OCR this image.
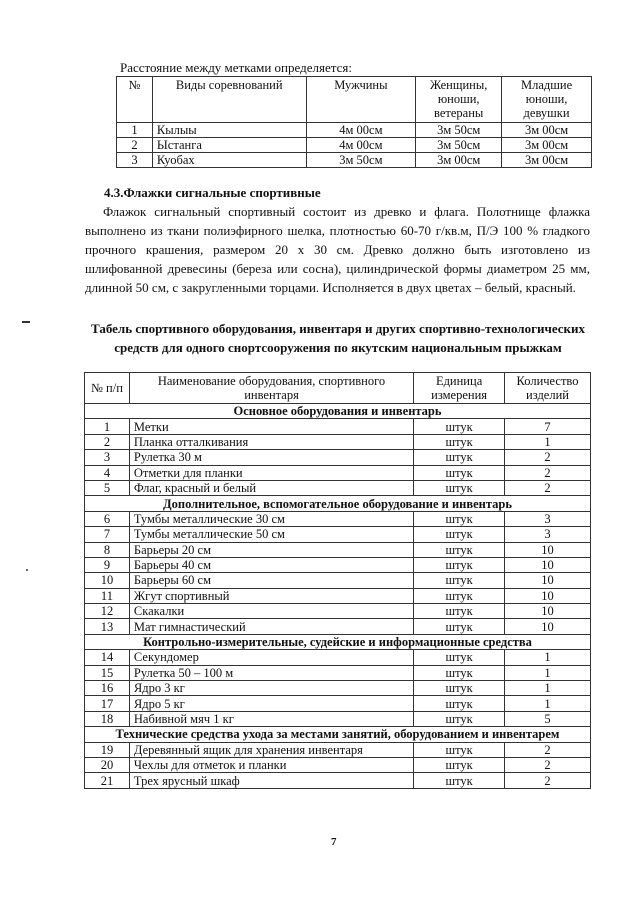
Расстояние между метками определяется:
№	Виды соревнований	Мужчины	Женщины, юноши, ветераны	Младшие юноши, девушки
1	Кылыы	4м 00см	3м 50см	3м 00см
2	Ыстанга	4м 00см	3м 50см	3м 00см
3	Куобах	3м 50см	3м 00см	3м 00см
4.3.Флажки сигнальные спортивные
Флажок сигнальный спортивный состоит из древко и флага. Полотнище флажка выполнено из ткани полиэфирного шелка, плотностью 60-70 г/кв.м, П/Э 100 % гладкого прочного крашения, размером 20 х 30 см. Древко должно быть изготовлено из шлифованной древесины (береза или сосна), цилиндрической формы диаметром 25 мм, длинной 50 см, с закругленными торцами. Исполняется в двух цветах – белый, красный.
Табель спортивного оборудования, инвентаря и других спортивно-технологических средств для одного снортсооружения по якутским национальным прыжкам
№ п/п	Наименование оборудования, спортивного инвентаря	Единица измерения	Количество изделий
Основное оборудования и инвентарь			
1	Метки	штук	7
2	Планка отталкивания	штук	1
3	Рулетка 30 м	штук	2
4	Отметки для планки	штук	2
5	Флаг, красный и белый	штук	2
Дополнительное, вспомогательное оборудование и инвентарь			
6	Тумбы металлические 30 см	штук	3
7	Тумбы металлические 50 см	штук	3
8	Барьеры 20 см	штук	10
9	Барьеры 40 см	штук	10
10	Барьеры 60 см	штук	10
11	Жгут спортивный	штук	10
12	Скакалки	штук	10
13	Мат гимнастический	штук	10
Контрольно-измерительные, судейские и информационные средства			
14	Секундомер	штук	1
15	Рулетка 50 – 100 м	штук	1
16	Ядро 3 кг	штук	1
17	Ядро 5 кг	штук	1
18	Набивной мяч 1 кг	штук	5
Технические средства ухода за местами занятий, оборудованием и инвентарем			
19	Деревянный ящик для хранения инвентаря	штук	2
20	Чехлы для отметок и планки	штук	2
21	Трех ярусный шкаф	штук	2
7
